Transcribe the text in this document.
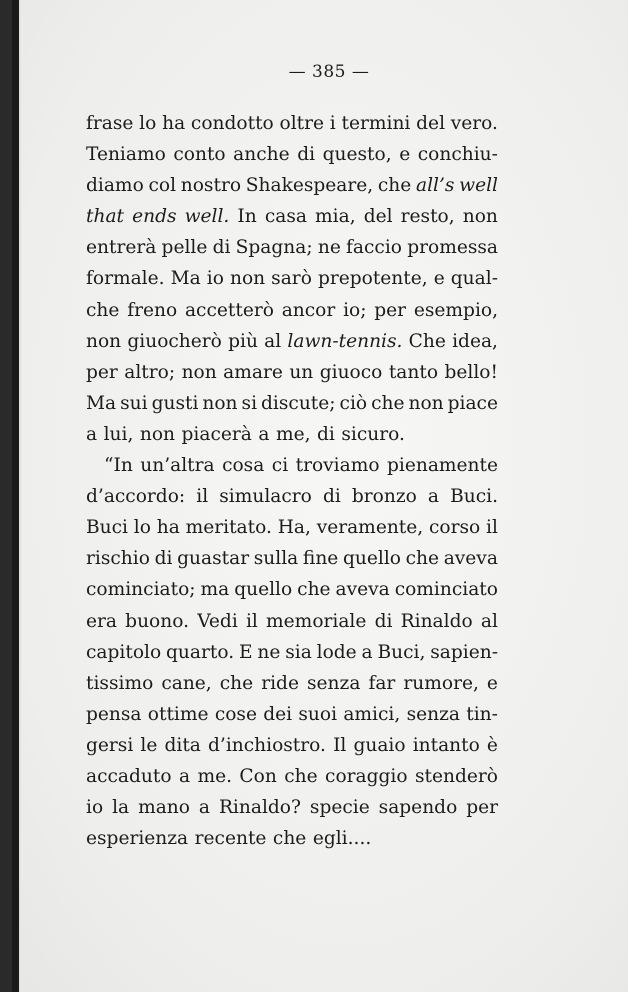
— 385 —
frase lo ha condotto oltre i termini del vero.
Teniamo conto anche di questo, e conchiu-
diamo col nostro Shakespeare, che all’s well
that ends well. In casa mia, del resto, non
entrerà pelle di Spagna; ne faccio promessa
formale. Ma io non sarò prepotente, e qual-
che freno accetterò ancor io; per esempio,
non giuocherò più al lawn-tennis. Che idea,
per altro; non amare un giuoco tanto bello!
Ma sui gusti non si discute; ciò che non piace
a lui, non piacerà a me, di sicuro.
“In un’altra cosa ci troviamo pienamente
d’accordo: il simulacro di bronzo a Buci.
Buci lo ha meritato. Ha, veramente, corso il
rischio di guastar sulla fine quello che aveva
cominciato; ma quello che aveva cominciato
era buono. Vedi il memoriale di Rinaldo al
capitolo quarto. E ne sia lode a Buci, sapien-
tissimo cane, che ride senza far rumore, e
pensa ottime cose dei suoi amici, senza tin-
gersi le dita d’inchiostro. Il guaio intanto è
accaduto a me. Con che coraggio stenderò
io la mano a Rinaldo? specie sapendo per
esperienza recente che egli....
